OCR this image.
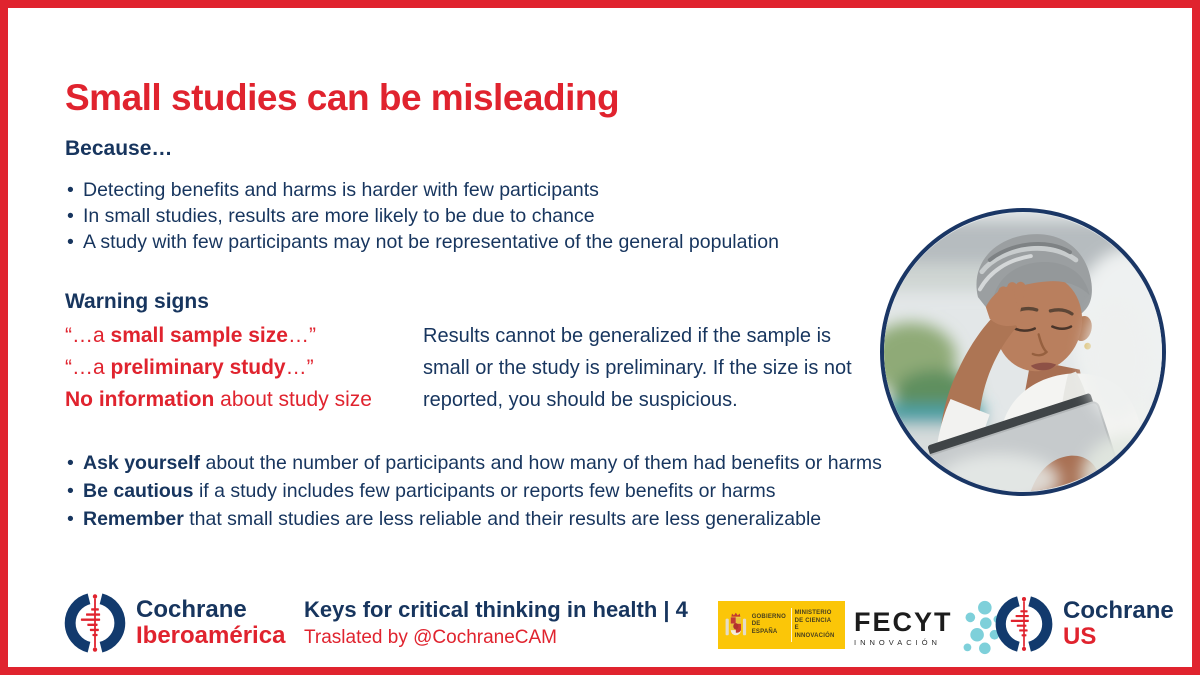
Small studies can be misleading
Because…
• Detecting benefits and harms is harder with few participants
• In small studies, results are more likely to be due to chance
• A study with few participants may not be representative of the general population
Warning signs
“…a small sample size…”
“…a preliminary study…”
No information about study size
Results cannot be generalized if the sample is small or the study is preliminary. If the size is not reported, you should be suspicious.
• Ask yourself about the number of participants and how many of them had benefits or harms
• Be cautious if a study includes few participants or reports few benefits or harms
• Remember that small studies are less reliable and their results are less generalizable
Cochrane
Iberoamérica
Keys for critical thinking in health | 4
Traslated by @CochraneCAM
GOBIERNO
DE ESPAÑA
MINISTERIO
DE CIENCIA
E INNOVACIÓN FECYT
INNOVACIÓN
Cochrane
US
